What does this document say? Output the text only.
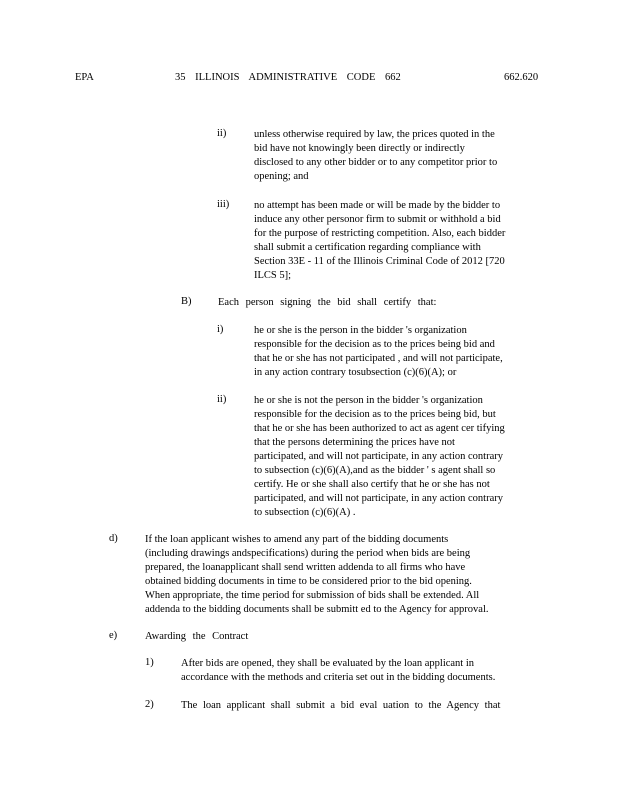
EPA	35 ILLINOIS ADMINISTRATIVE CODE 662	662.620
ii)	unless otherwise required by law, the prices quoted in the
bid have not knowingly been directly or indirectly
disclosed to any other bidder or to any competitor prior to
opening; and
iii) no attempt has been made or will be made by the bidder to
induce any other personor firm to submit or withhold a bid
for the purpose of restricting competition. Also, each bidder
shall submit a certification regarding compliance with
Section 33E - 11 of the Illinois Criminal Code of 2012 [720
ILCS 5];
B)	Each person signing the bid shall certify that:
i)	he or she is the person in the bidder 's organization
responsible for the decision as to the prices being bid and
that he or she has not participated , and will not participate,
in any action contrary tosubsection (c)(6)(A); or
ii)	he or she is not the person in the bidder 's organization
responsible for the decision as to the prices being bid, but
that he or she has been authorized to act as agent cer tifying
that the persons determining the prices have not
participated, and will not participate, in any action contrary
to subsection (c)(6)(A),and as the bidder ' s agent shall so
certify. He or she shall also certify that he or she has not
participated, and will not participate, in any action contrary
to subsection (c)(6)(A) .
d)	If the loan applicant wishes to amend any part of the bidding documents
(including drawings andspecifications) during the period when bids are being
prepared, the loanapplicant shall send written addenda to all firms who have
obtained bidding documents in time to be considered prior to the bid opening.
When appropriate, the time period for submission of bids shall be extended. All
addenda to the bidding documents shall be submitt ed to the Agency for approval.
e)	Awarding the Contract
1)	After bids are opened, they shall be evaluated by the loan applicant in
accordance with the methods and criteria set out in the bidding documents.
2)	The loan applicant shall submit a bid eval uation to the Agency that
